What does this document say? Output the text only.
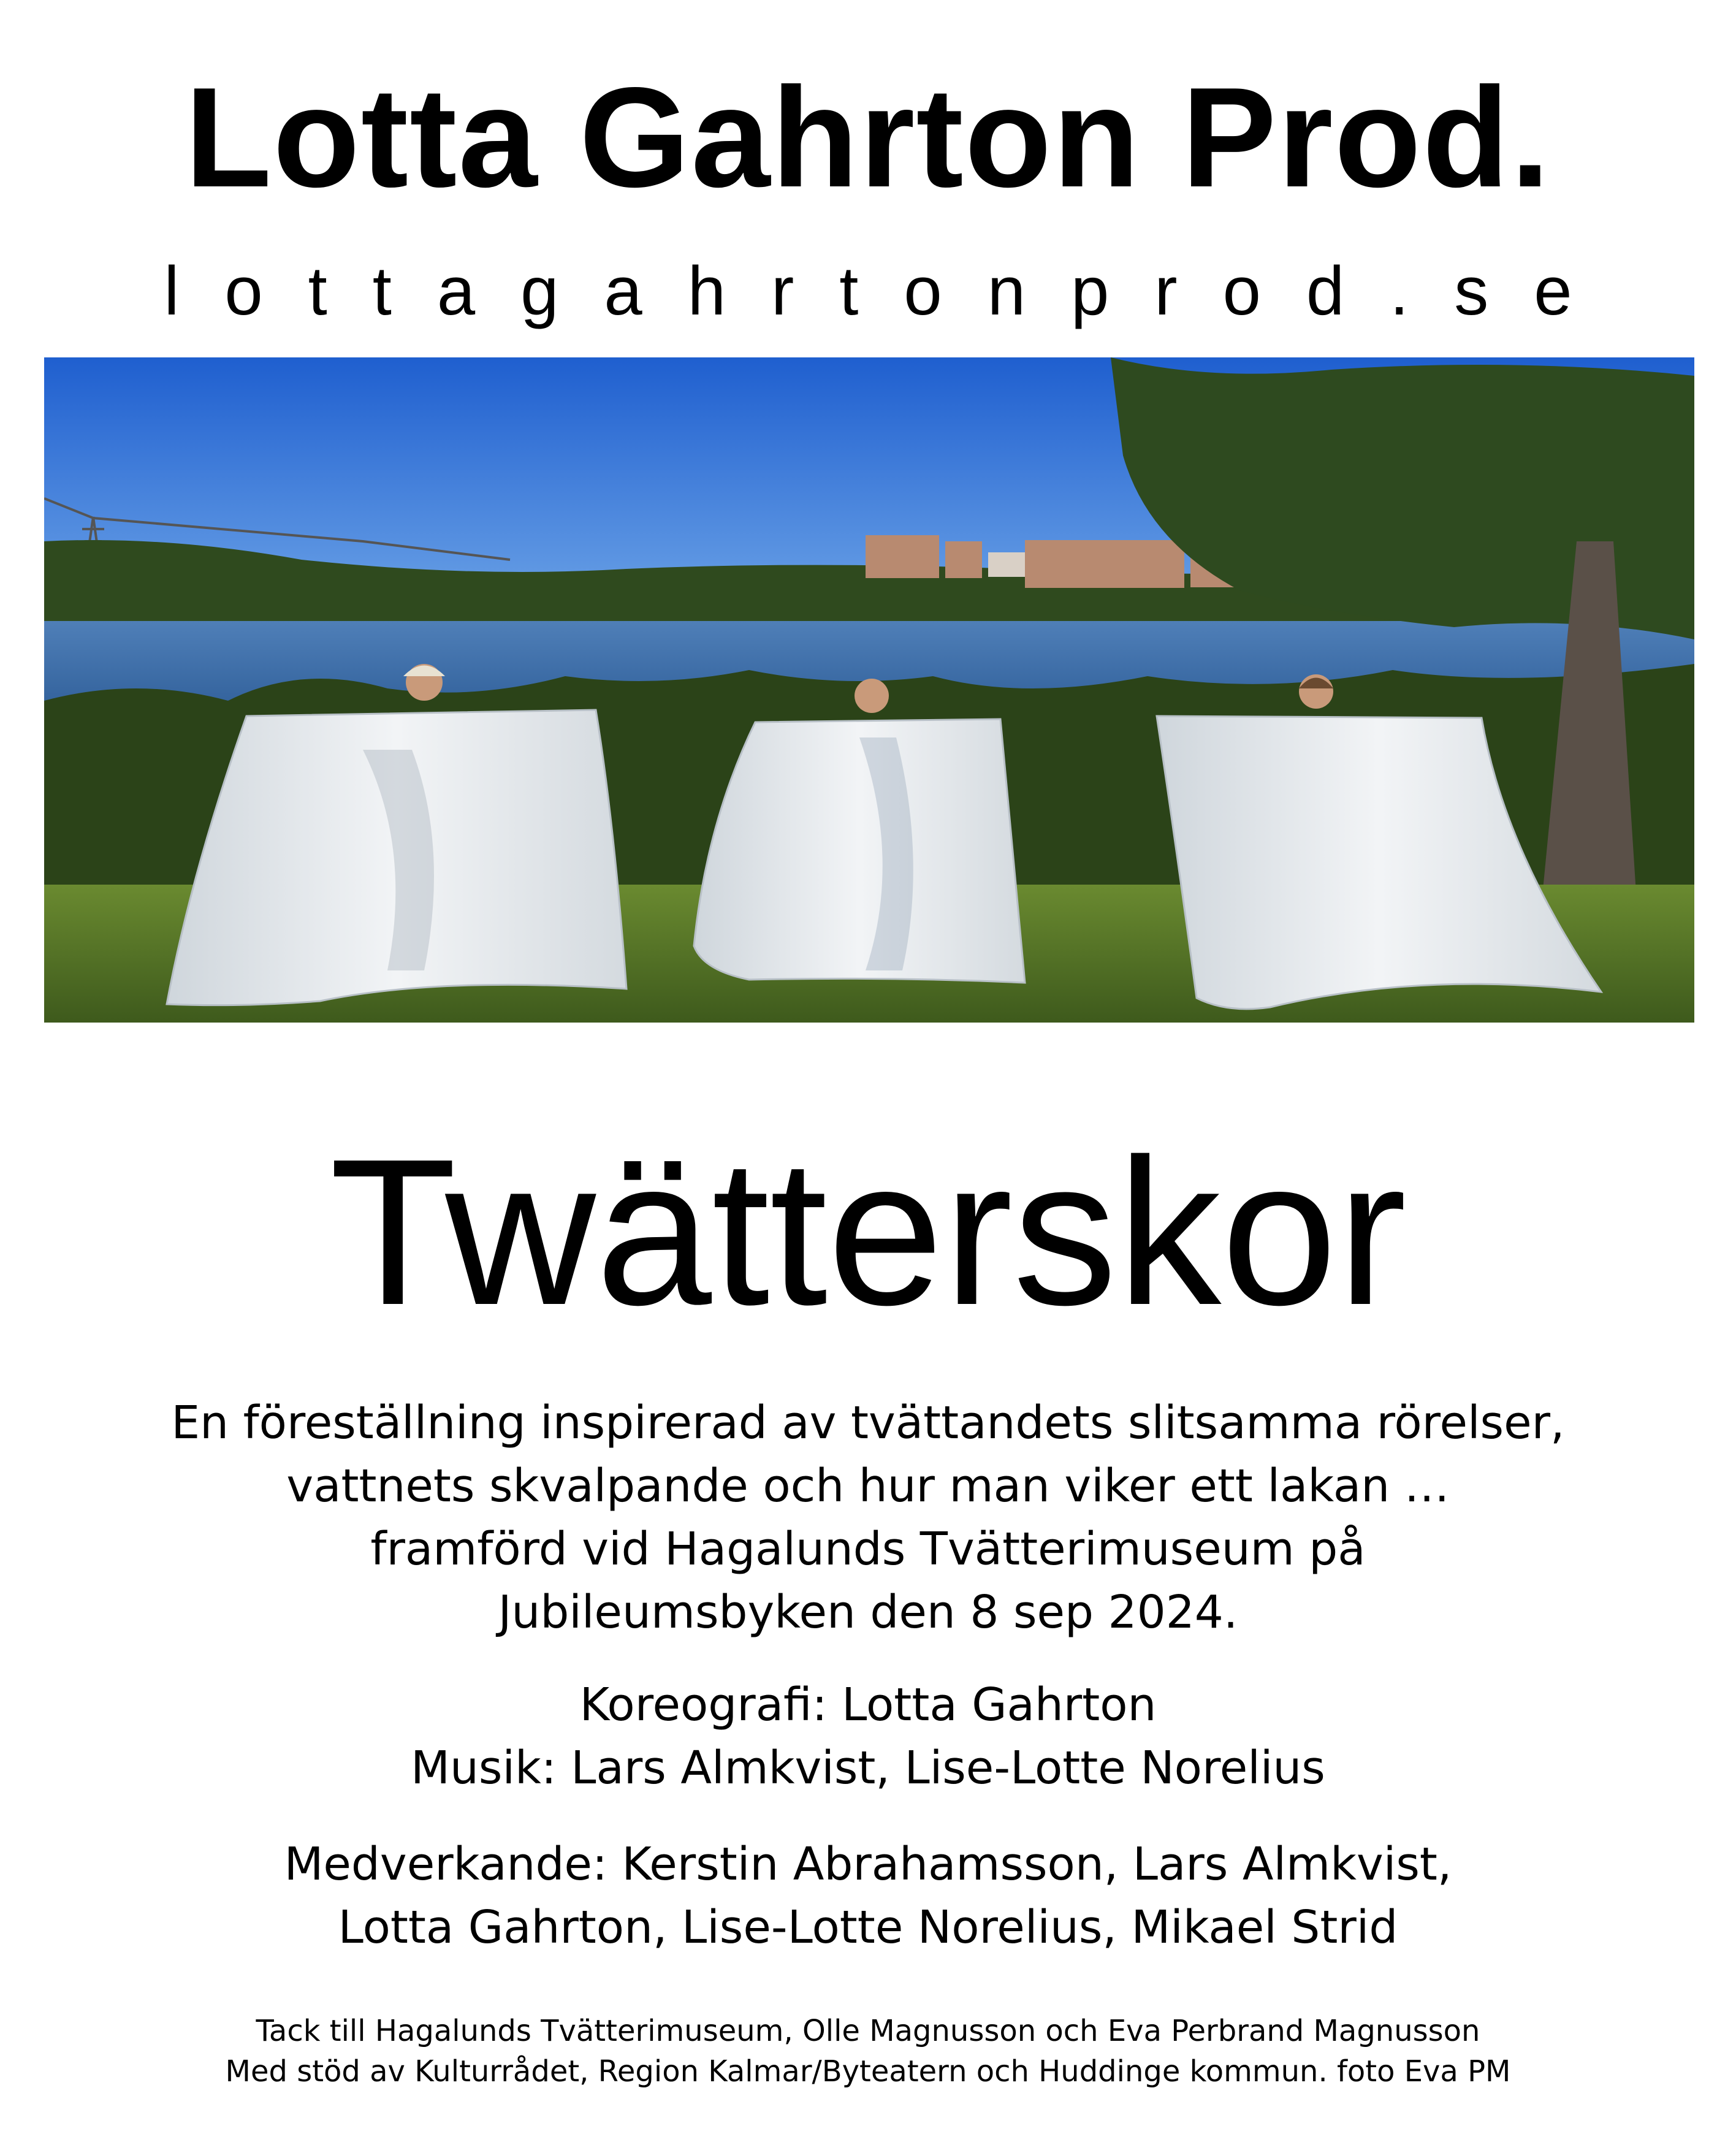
Lotta Gahrton Prod.
lottagahrtonprod.se
Twätterskor
En föreställning inspirerad av tvättandets slitsamma rörelser,
vattnets skvalpande och hur man viker ett lakan …
framförd vid Hagalunds Tvätterimuseum på
Jubileumsbyken den 8 sep 2024.
Koreografi: Lotta Gahrton
Musik: Lars Almkvist, Lise-Lotte Norelius
Medverkande: Kerstin Abrahamsson, Lars Almkvist,
Lotta Gahrton, Lise-Lotte Norelius, Mikael Strid
Tack till Hagalunds Tvätterimuseum, Olle Magnusson och Eva Perbrand Magnusson
Med stöd av Kulturrådet, Region Kalmar/Byteatern och Huddinge kommun. foto Eva PM
